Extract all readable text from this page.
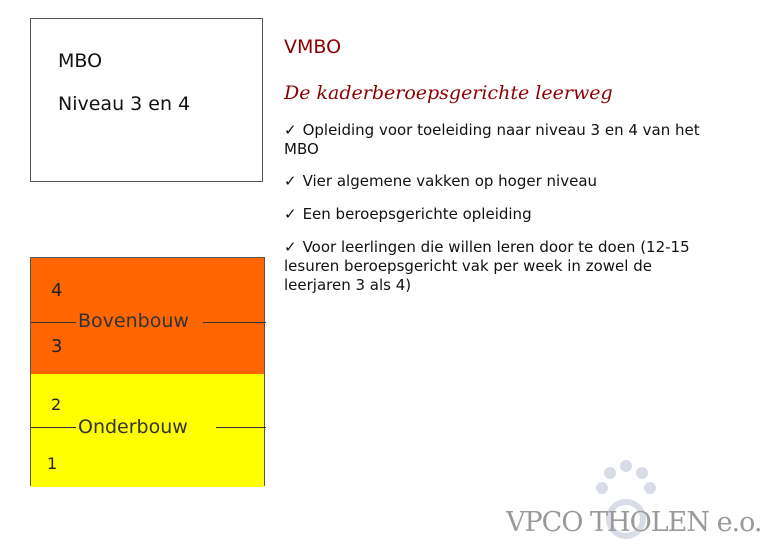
MBO
Niveau 3 en 4
4
Bovenbouw
3
2
Onderbouw
1
VMBO
De kaderberoepsgerichte leerweg
✓ Opleiding voor toeleiding naar niveau 3 en 4 van het MBO
✓ Vier algemene vakken op hoger niveau
✓ Een beroepsgerichte opleiding
✓ Voor leerlingen die willen leren door te doen (12-15 lesuren beroepsgericht vak per week in zowel de leerjaren 3 als 4)
VPCO THOLEN e.o.
